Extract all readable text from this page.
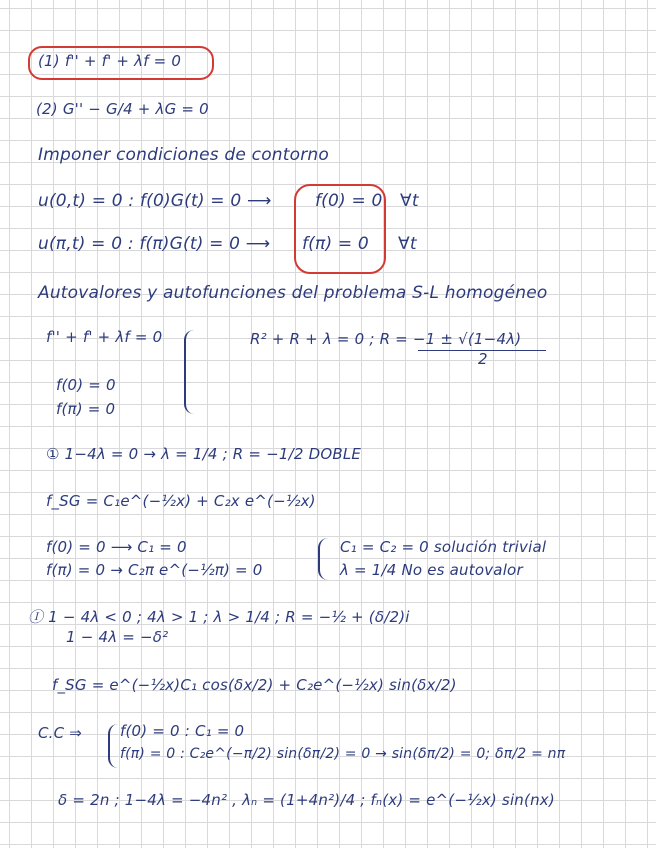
(1) f'' + f' + λf = 0
(2) G'' − G/4 + λG = 0
Imponer condiciones de contorno
u(0,t) = 0 : f(0)G(t) = 0 ⟶	f(0) = 0 ∀t
u(π,t) = 0 : f(π)G(t) = 0 ⟶ f(π) = 0 ∀t
Autovalores y autofunciones del problema S-L homogéneo
f'' + f' + λf = 0	R² + R + λ = 0 ; R = −1 ± √(1−4λ)
2
f(0) = 0
f(π) = 0
① 1−4λ = 0 → λ = 1/4 ; R = −1/2 DOBLE
f_SG = C₁e^(−½x) + C₂x e^(−½x)
f(0) = 0 ⟶ C₁ = 0
f(π) = 0 → C₂π e^(−½π) = 0
C₁ = C₂ = 0 solución trivial
λ = 1/4 No es autovalor
Ⓘ 1 − 4λ < 0 ; 4λ > 1 ; λ > 1/4 ; R = −½ + (δ/2)i
1 − 4λ = −δ²
f_SG = e^(−½x)C₁ cos(δx/2) + C₂e^(−½x) sin(δx/2)
C.C ⇒	f(0) = 0 : C₁ = 0
f(π) = 0 : C₂e^(−π/2) sin(δπ/2) = 0 → sin(δπ/2) = 0; δπ/2 = nπ
δ = 2n ; 1−4λ = −4n² , λₙ = (1+4n²)/4 ; fₙ(x) = e^(−½x) sin(nx)
